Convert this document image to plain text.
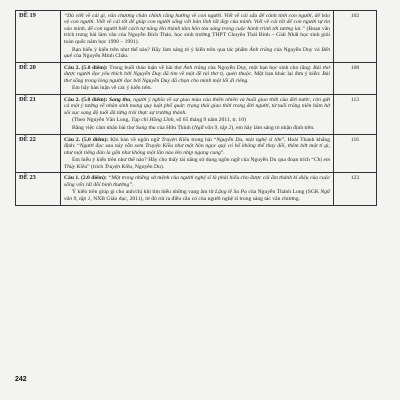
ĐỀ 19	“Dù viết về cái gì, văn chương chân chính cũng hướng về con người. Viết về cái sấu để cảnh tỉnh con người, để bảo vệ con người. Viết về cái tốt để giúp con người sống với bản lĩnh tốt đẹp của mình. Viết về cái tốt để con người tự tin vào mình, để con người biết cách tự nâng lên thành tâm hồn tỏa sáng trong cuộc hành trình tới tương lai.” (Đoạn văn trích trong bài làm văn của Nguyễn Bích Thảo, học sinh trường THPT Chuyên Thái Bình – Giải Nhất học sinh giỏi toàn quốc năm học 1990 – 1991).

Bạn hiểu ý kiến trên như thế nào? Hãy làm sáng tỏ ý kiến trên qua tác phẩm Ánh trăng của Nguyễn Duy và Bến quê của Nguyễn Minh Châu.	102
ĐỀ 20	Câu 2. (5.0 điểm): Trong buổi thảo luận về bài thơ Ánh trăng của Nguyễn Duy, một bạn học sinh cho rằng: Bài thơ được người đọc yêu thích bởi Nguyễn Duy đã tìm về một đề tài thơ tị, quen thuộc. Một bạn khác lại đưa ý kiến: Bài thơ sống trong lòng người đọc bởi Nguyễn Duy đã chọn cho mình một lối đi riêng.

Em hãy bàn luận về các ý kiến trên.	108
ĐỀ 21	Câu 2. (5.0 điểm): Sang thu, người ý nghĩa về sự giao mùa của thiên nhiên và buổi giao thời của đời nước, còn gửi cả một ý tưởng về nhân sinh mang quy luật phổ quát: trạng thái giao thời trong đời người, từ tuổi trăng niên hăm hở sôi sục sang độ tuổi đã từng trải thực sự trưởng thành.

(Theo Nguyễn Văn Long, Tạp chí Hồng Lĩnh, số 65 tháng 9 năm 2011, tr. 10)

Bằng việc cảm nhận bài thơ Sang thu của Hữu Thỉnh (Ngữ văn 9, tập 2), em hãy làm sáng tỏ nhận định trên.	113
ĐỀ 22	Câu 2. (5.0 điểm): Khi bàn về ngôn ngữ Truyện Kiều trong bài “Nguyễn Du, một nghệ sĩ lớn”, Hoài Thanh khẳng định: “Người đọc sau này vẫn xem Truyện Kiều như một hòn ngọc quý có bổ không thể thay đổi, thêm bớt một tí gì, như một tiếng đàn la gốn như không một lần nào lên nhịp ngang cung”.

Em hiểu ý kiến trên như thế nào? Hãy cho thấy tài năng sử dụng ngôn ngữ của Nguyễn Du qua đoạn trích “Chị em Thúy Kiều” (trích Truyện Kiều, Nguyễn Du).	116
ĐỀ 23	Câu 1. (2.0 điểm): “Một trong những sở mệnh của người nghệ sĩ là phải hiểu cho được cái ẩm thành kỉ diệu của cuộc sống vốn rất đỗi bình thường”.

Ý kiến trên giúp gì cho anh/chị khi tìm hiểu những vang âm từ Lặng lẽ Sa Pa của Nguyễn Thành Long (SGK Ngữ văn 9, tập 1, NXB Giáo dục, 2011), từ đó rút ra điều cần có của người nghệ sĩ trong sáng tác văn chương.	123
242
